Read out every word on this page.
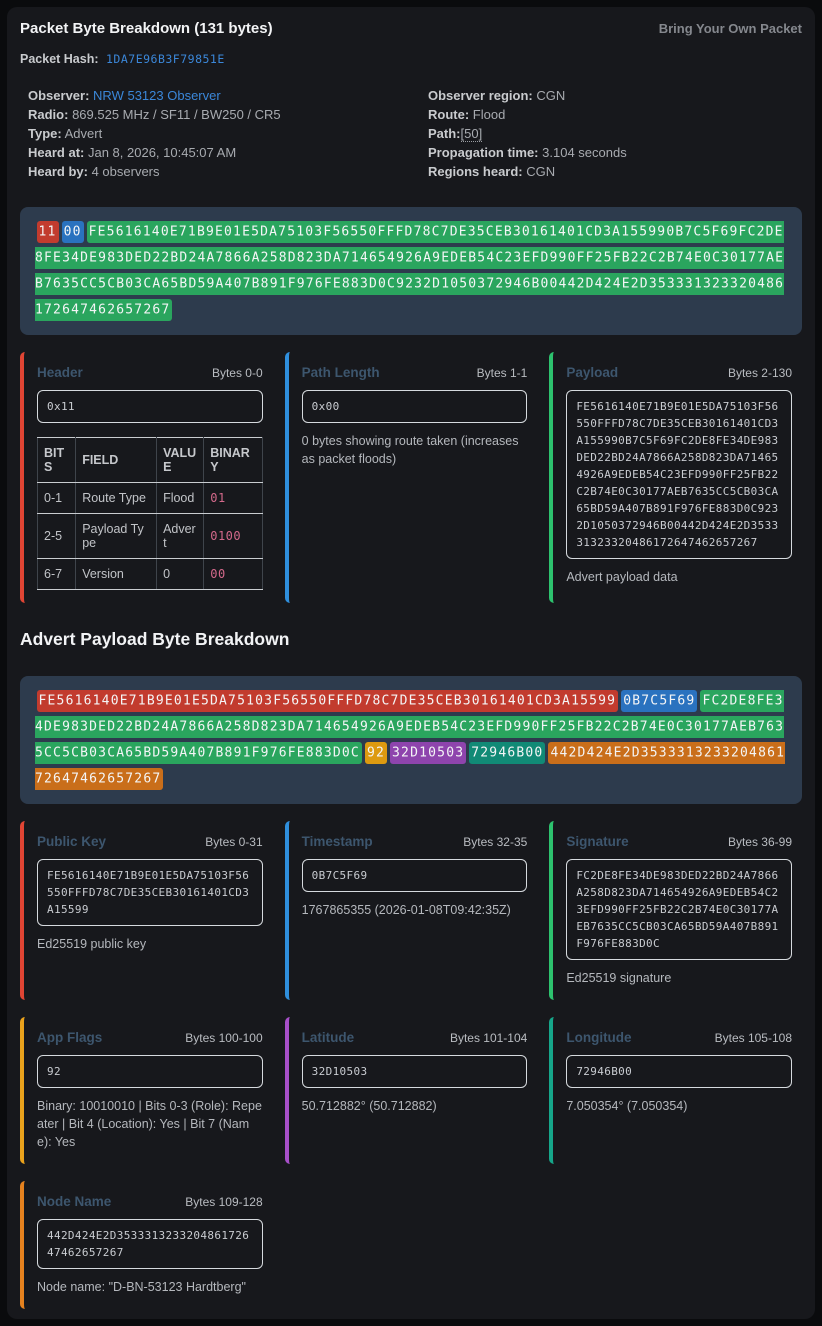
Packet Byte Breakdown (131 bytes)	Bring Your Own Packet
Packet Hash: 1DA7E96B3F79851E
Observer: NRW 53123 Observer
Radio: 869.525 MHz / SF11 / BW250 / CR5
Type: Advert
Heard at: Jan 8, 2026, 10:45:07 AM
Heard by: 4 observers
Observer region: CGN
Route: Flood
Path:[50]
Propagation time: 3.104 seconds
Regions heard: CGN
11 00 FE5616140E71B9E01E5DA75103F56550FFFD78C7DE35CEB30161401CD3A155990B7C5F69FC2DE8FE34DE983DED22BD24A7866A258D823DA714654926A9EDEB54C23EFD990FF25FB22C2B74E0C30177AEB7635CC5CB03CA65BD59A407B891F976FE883D0C9232D1050372946B00442D424E2D353331323320486172647462657267
Header	Bytes 0-0
0x11
BITS	FIELD	VALUE	BINARY
0-1	Route Type	Flood	01
2-5	Payload Type	Advert	0100
6-7	Version	0	00
Path Length	Bytes 1-1
0x00
0 bytes showing route taken (increases as packet floods)
Payload	Bytes 2-130
FE5616140E71B9E01E5DA75103F56550FFFD78C7DE35CEB30161401CD3A155990B7C5F69FC2DE8FE34DE983DED22BD24A7866A258D823DA714654926A9EDEB54C23EFD990FF25FB22C2B74E0C30177AEB7635CC5CB03CA65BD59A407B891F976FE883D0C9232D1050372946B00442D424E2D353331323320486172647462657267
Advert payload data
Advert Payload Byte Breakdown
FE5616140E71B9E01E5DA75103F56550FFFD78C7DE35CEB30161401CD3A15599 0B7C5F69 FC2DE8FE34DE983DED22BD24A7866A258D823DA714654926A9EDEB54C23EFD990FF25FB22C2B74E0C30177AEB7635CC5CB03CA65BD59A407B891F976FE883D0C 92 32D10503 72946B00 442D424E2D353331323320486172647462657267
Public Key	Bytes 0-31
FE5616140E71B9E01E5DA75103F56550FFFD78C7DE35CEB30161401CD3A15599
Ed25519 public key
Timestamp	Bytes 32-35
0B7C5F69
1767865355 (2026-01-08T09:42:35Z)
Signature	Bytes 36-99
FC2DE8FE34DE983DED22BD24A7866A258D823DA714654926A9EDEB54C23EFD990FF25FB22C2B74E0C30177AEB7635CC5CB03CA65BD59A407B891F976FE883D0C
Ed25519 signature
App Flags	Bytes 100-100
92
Binary: 10010010 | Bits 0-3 (Role): Repeater | Bit 4 (Location): Yes | Bit 7 (Name): Yes
Latitude	Bytes 101-104
32D10503
50.712882° (50.712882)
Longitude	Bytes 105-108
72946B00
7.050354° (7.050354)
Node Name	Bytes 109-128
442D424E2D353331323320486172647462657267
Node name: "D-BN-53123 Hardtberg"
